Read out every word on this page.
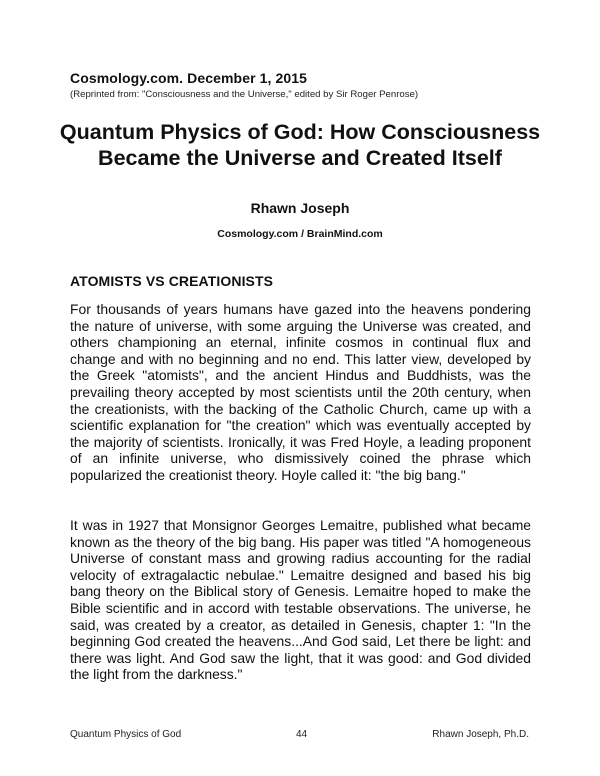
Cosmology.com. December 1, 2015
(Reprinted from: "Consciousness and the Universe," edited by Sir Roger Penrose)
Quantum Physics of God: How Consciousness Became the Universe and Created Itself
Rhawn Joseph
Cosmology.com / BrainMind.com
ATOMISTS VS CREATIONISTS

For thousands of years humans have gazed into the heavens pondering the nature of universe, with some arguing the Universe was created, and others championing an eternal, infinite cosmos in continual flux and change and with no beginning and no end. This latter view, developed by the Greek "atomists", and the ancient Hindus and Buddhists, was the prevailing theory accepted by most scientists until the 20th century, when the creationists, with the backing of the Catholic Church, came up with a scientific explanation for "the creation" which was eventually accepted by the majority of scientists. Ironically, it was Fred Hoyle, a leading proponent of an infinite universe, who dismissively coined the phrase which popularized the creationist theory. Hoyle called it: "the big bang."

It was in 1927 that Monsignor Georges Lemaitre, published what became known as the theory of the big bang. His paper was titled "A homogeneous Universe of constant mass and growing radius accounting for the radial velocity of extragalactic nebulae." Lemaitre designed and based his big bang theory on the Biblical story of Genesis. Lemaitre hoped to make the Bible scientific and in accord with testable observations. The universe, he said, was created by a creator, as detailed in Genesis, chapter 1: "In the beginning God created the heavens...And God said, Let there be light: and there was light. And God saw the light, that it was good: and God divided the light from the darkness."

Quantum Physics of God	44	Rhawn Joseph, Ph.D.
